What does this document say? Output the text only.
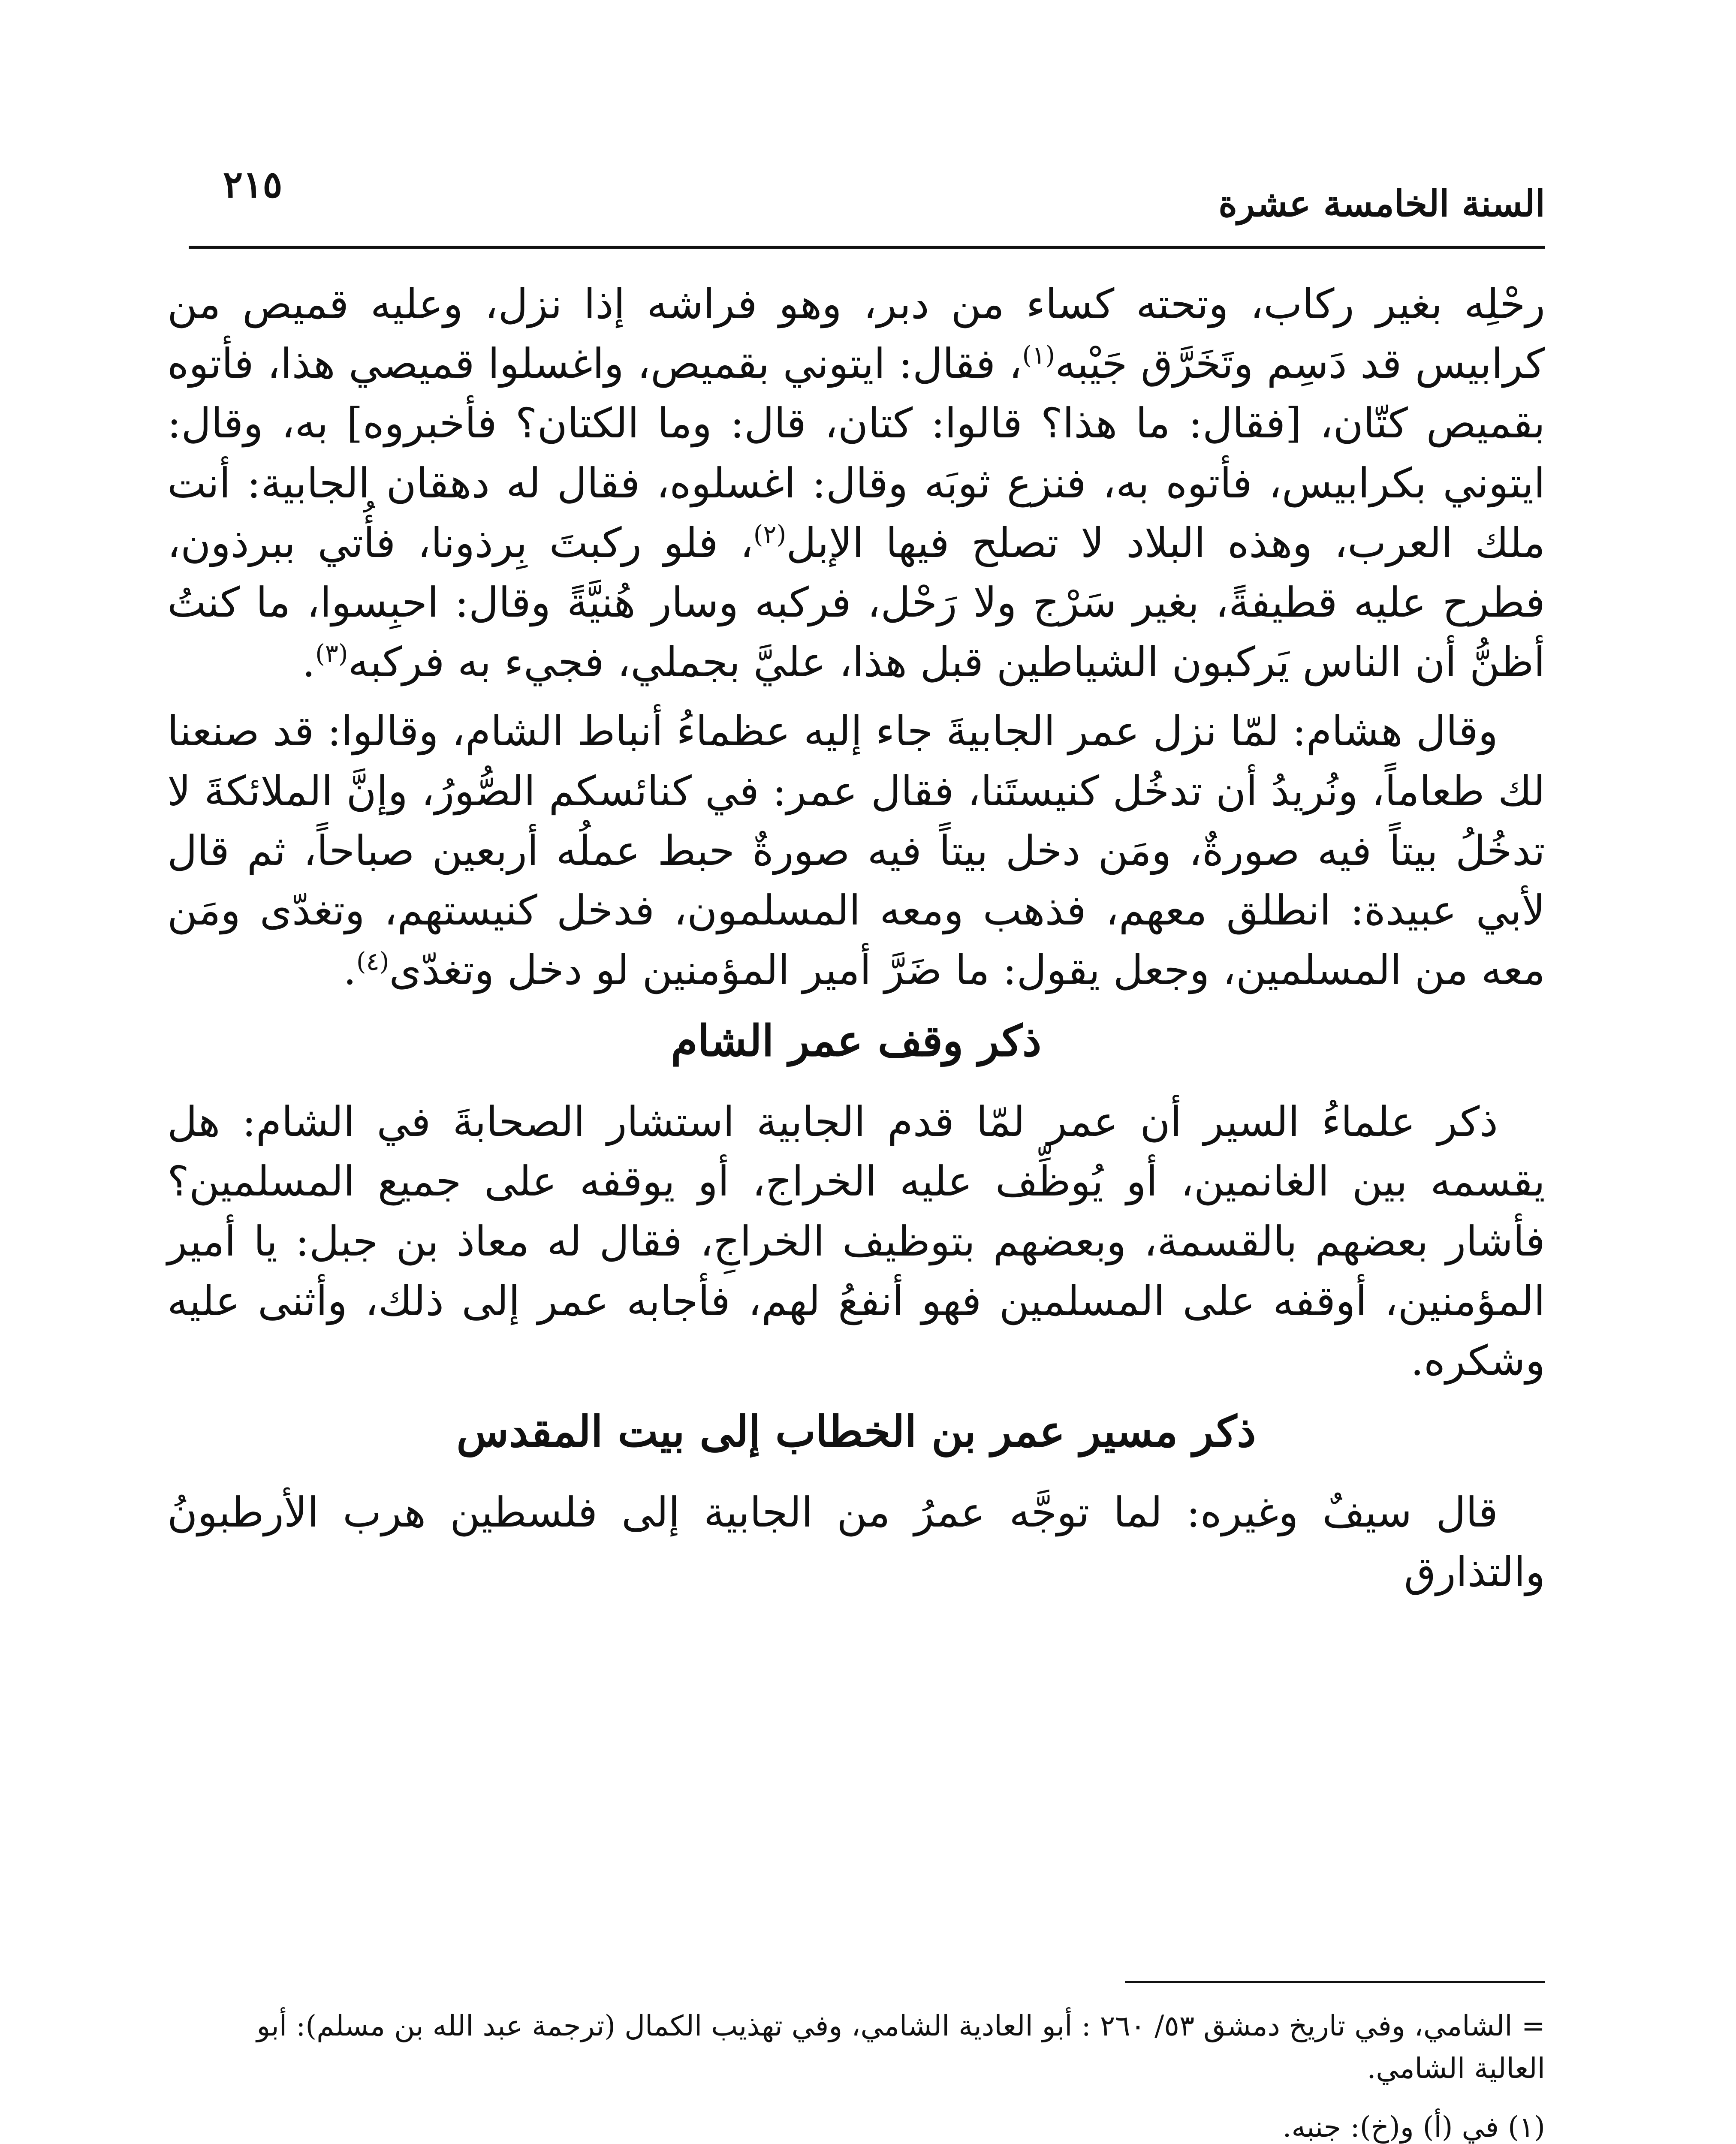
٢١٥	السنة الخامسة عشرة

رحْلِه بغير ركاب، وتحته كساء من دبر، وهو فراشه إذا نزل، وعليه قميص من كرابيس قد دَسِم وتَخَرَّق جَيْبه$^{(١)}$، فقال: ايتوني بقميص، واغسلوا قميصي هذا، فأتوه بقميص كتّان، [فقال: ما هذا؟ قالوا: كتان، قال: وما الكتان؟ فأخبروه] به، وقال: ايتوني بكرابيس، فأتوه به، فنزع ثوبَه وقال: اغسلوه، فقال له دهقان الجابية: أنت ملك العرب، وهذه البلاد لا تصلح فيها الإبل$^{(٢)}$، فلو ركبتَ بِرذونا، فأُتي ببرذون، فطرح عليه قطيفةً، بغير سَرْج ولا رَحْل، فركبه وسار هُنيَّةً وقال: احبِسوا، ما كنتُ أظنُّ أن الناس يَركبون الشياطين قبل هذا، عليَّ بجملي، فجيء به فركبه$^{(٣)}$.

وقال هشام: لمّا نزل عمر الجابيةَ جاء إليه عظماءُ أنباط الشام، وقالوا: قد صنعنا لك طعاماً، ونُريدُ أن تدخُل كنيستَنا، فقال عمر: في كنائسكم الصُّورُ، وإنَّ الملائكةَ لا تدخُلُ بيتاً فيه صورةٌ، ومَن دخل بيتاً فيه صورةٌ حبط عملُه أربعين صباحاً، ثم قال لأبي عبيدة: انطلق معهم، فذهب ومعه المسلمون، فدخل كنيستهم، وتغدّى ومَن معه من المسلمين، وجعل يقول: ما ضَرَّ أمير المؤمنين لو دخل وتغدّى$^{(٤)}$.

ذكر وقف عمر الشام

ذكر علماءُ السير أن عمر لمّا قدم الجابية استشار الصحابةَ في الشام: هل يقسمه بين الغانمين، أو يُوظِّف عليه الخراج، أو يوقفه على جميع المسلمين؟ فأشار بعضهم بالقسمة، وبعضهم بتوظيف الخراجِ، فقال له معاذ بن جبل: يا أمير المؤمنين، أوقفه على المسلمين فهو أنفعُ لهم، فأجابه عمر إلى ذلك، وأثنى عليه وشكره.

ذكر مسير عمر بن الخطاب إلى بيت المقدس

قال سيفٌ وغيره: لما توجَّه عمرُ من الجابية إلى فلسطين هرب الأرطبونُ والتذارق

= الشامي، وفي تاريخ دمشق ٥٣/ ٢٦٠ : أبو العادية الشامي، وفي تهذيب الكمال (ترجمة عبد الله بن مسلم): أبو العالية الشامي.

(١) في (أ) و(خ): جنبه.
